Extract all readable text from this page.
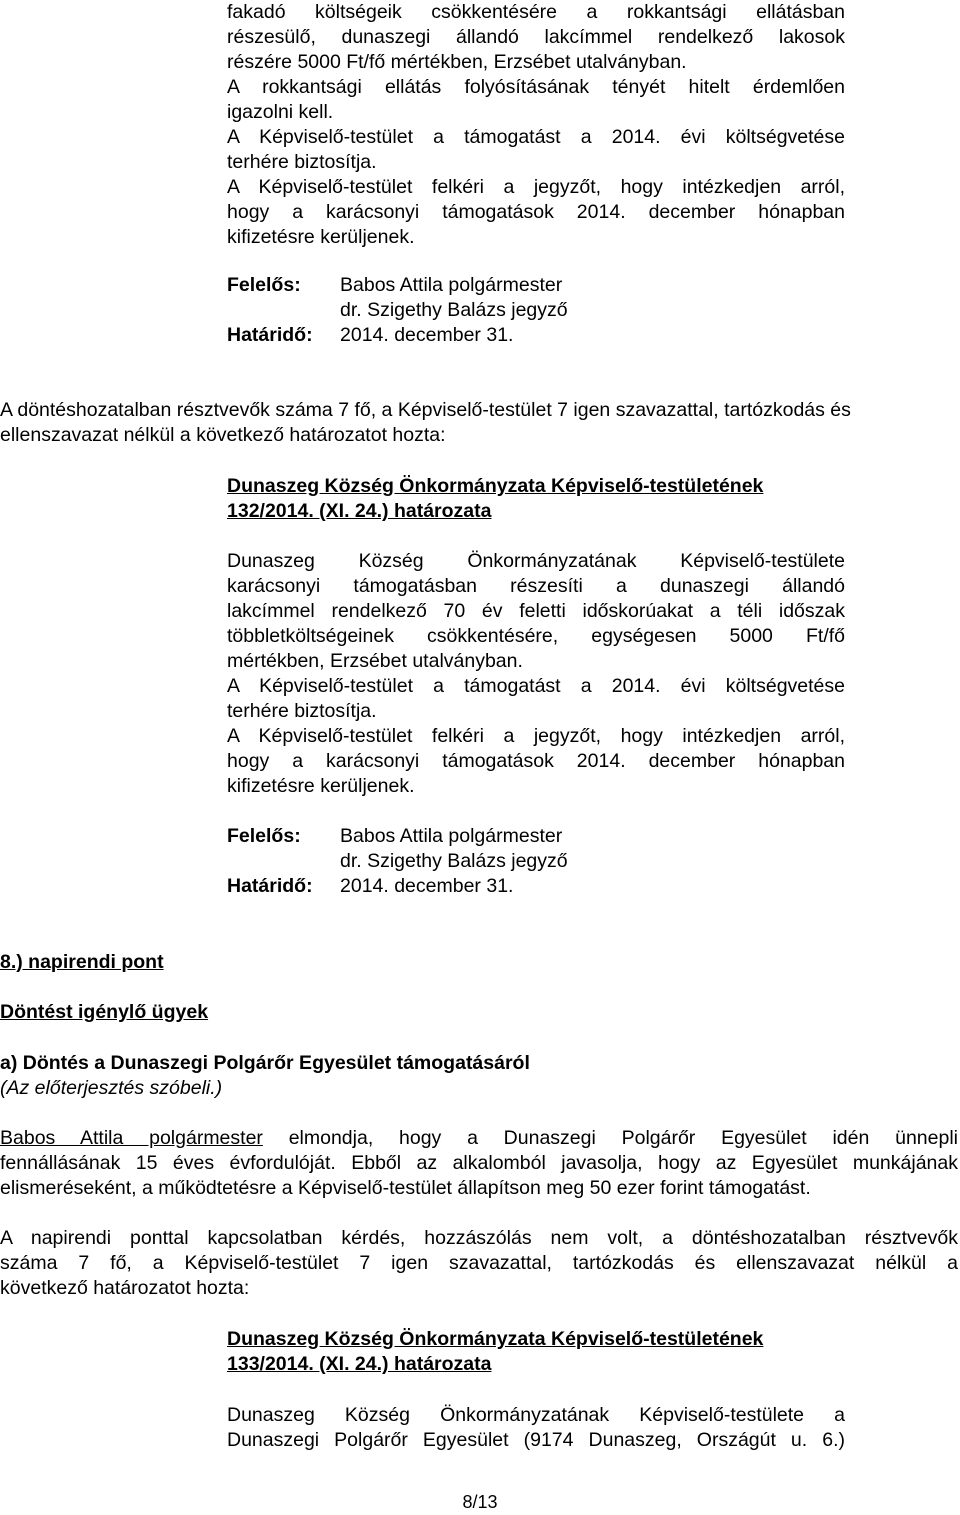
fakadó költségeik csökkentésére a rokkantsági ellátásban
részesülő, dunaszegi állandó lakcímmel rendelkező lakosok
részére 5000 Ft/fő mértékben, Erzsébet utalványban.
A rokkantsági ellátás folyósításának tényét hitelt érdemlően
igazolni kell.
A Képviselő-testület a támogatást a 2014. évi költségvetése
terhére biztosítja.
A Képviselő-testület felkéri a jegyzőt, hogy intézkedjen arról,
hogy a karácsonyi támogatások 2014. december hónapban
kifizetésre kerüljenek.
Felelős: Babos Attila polgármester
dr. Szigethy Balázs jegyző
Határidő: 2014. december 31.
A döntéshozatalban résztvevők száma 7 fő, a Képviselő-testület 7 igen szavazattal, tartózkodás és
ellenszavazat nélkül a következő határozatot hozta:
Dunaszeg Község Önkormányzata Képviselő-testületének
132/2014. (XI. 24.) határozata
Dunaszeg Község Önkormányzatának Képviselő-testülete
karácsonyi támogatásban részesíti a dunaszegi állandó
lakcímmel rendelkező 70 év feletti időskorúakat a téli időszak
többletköltségeinek csökkentésére, egységesen 5000 Ft/fő
mértékben, Erzsébet utalványban.
A Képviselő-testület a támogatást a 2014. évi költségvetése
terhére biztosítja.
A Képviselő-testület felkéri a jegyzőt, hogy intézkedjen arról,
hogy a karácsonyi támogatások 2014. december hónapban
kifizetésre kerüljenek.
Felelős: Babos Attila polgármester
dr. Szigethy Balázs jegyző
Határidő: 2014. december 31.
8.) napirendi pont
Döntést igénylő ügyek
a) Döntés a Dunaszegi Polgárőr Egyesület támogatásáról
(Az előterjesztés szóbeli.)
Babos Attila polgármester elmondja, hogy a Dunaszegi Polgárőr Egyesület idén ünnepli
fennállásának 15 éves évfordulóját. Ebből az alkalomból javasolja, hogy az Egyesület munkájának
elismeréseként, a működtetésre a Képviselő-testület állapítson meg 50 ezer forint támogatást.
A napirendi ponttal kapcsolatban kérdés, hozzászólás nem volt, a döntéshozatalban résztvevők
száma 7 fő, a Képviselő-testület 7 igen szavazattal, tartózkodás és ellenszavazat nélkül a
következő határozatot hozta:
Dunaszeg Község Önkormányzata Képviselő-testületének
133/2014. (XI. 24.) határozata
Dunaszeg Község Önkormányzatának Képviselő-testülete a
Dunaszegi Polgárőr Egyesület (9174 Dunaszeg, Országút u. 6.)
8/13
